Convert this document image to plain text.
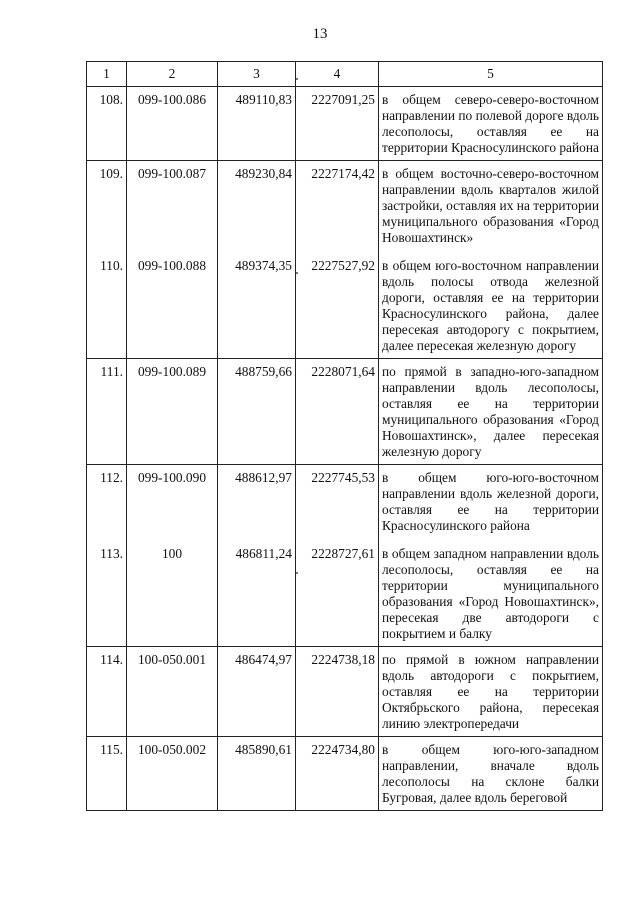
13
1	2	3	4	5
108.	099-100.086	489110,83	2227091,25	в общем северо-северо-восточном направлении по полевой дороге вдоль лесополосы, оставляя ее на территории Красносулинского района
109.	099-100.087	489230,84	2227174,42	в общем восточно-северо-восточном направлении вдоль кварталов жилой застройки, оставляя их на территории муниципального образования «Город Новошахтинск»
110.	099-100.088	489374,35	2227527,92	в общем юго-восточном направлении вдоль полосы отвода железной дороги, оставляя ее на территории Красносулинского района, далее пересекая автодорогу с покрытием, далее пересекая железную дорогу
111.	099-100.089	488759,66	2228071,64	по прямой в западно-юго-западном направлении вдоль лесополосы, оставляя ее на территории муниципального образования «Город Новошахтинск», далее пересекая железную дорогу
112.	099-100.090	488612,97	2227745,53	в общем юго-юго-восточном направлении вдоль железной дороги, оставляя ее на территории Красносулинского района
113.	100	486811,24	2228727,61	в общем западном направлении вдоль лесополосы, оставляя ее на территории муниципального образования «Город Новошахтинск», пересекая две автодороги с покрытием и балку
114.	100-050.001	486474,97	2224738,18	по прямой в южном направлении вдоль автодороги с покрытием, оставляя ее на территории Октябрьского района, пересекая линию электропередачи
115.	100-050.002	485890,61	2224734,80	в общем юго-юго-западном направлении, вначале вдоль лесополосы на склоне балки Бугровая, далее вдоль береговой
